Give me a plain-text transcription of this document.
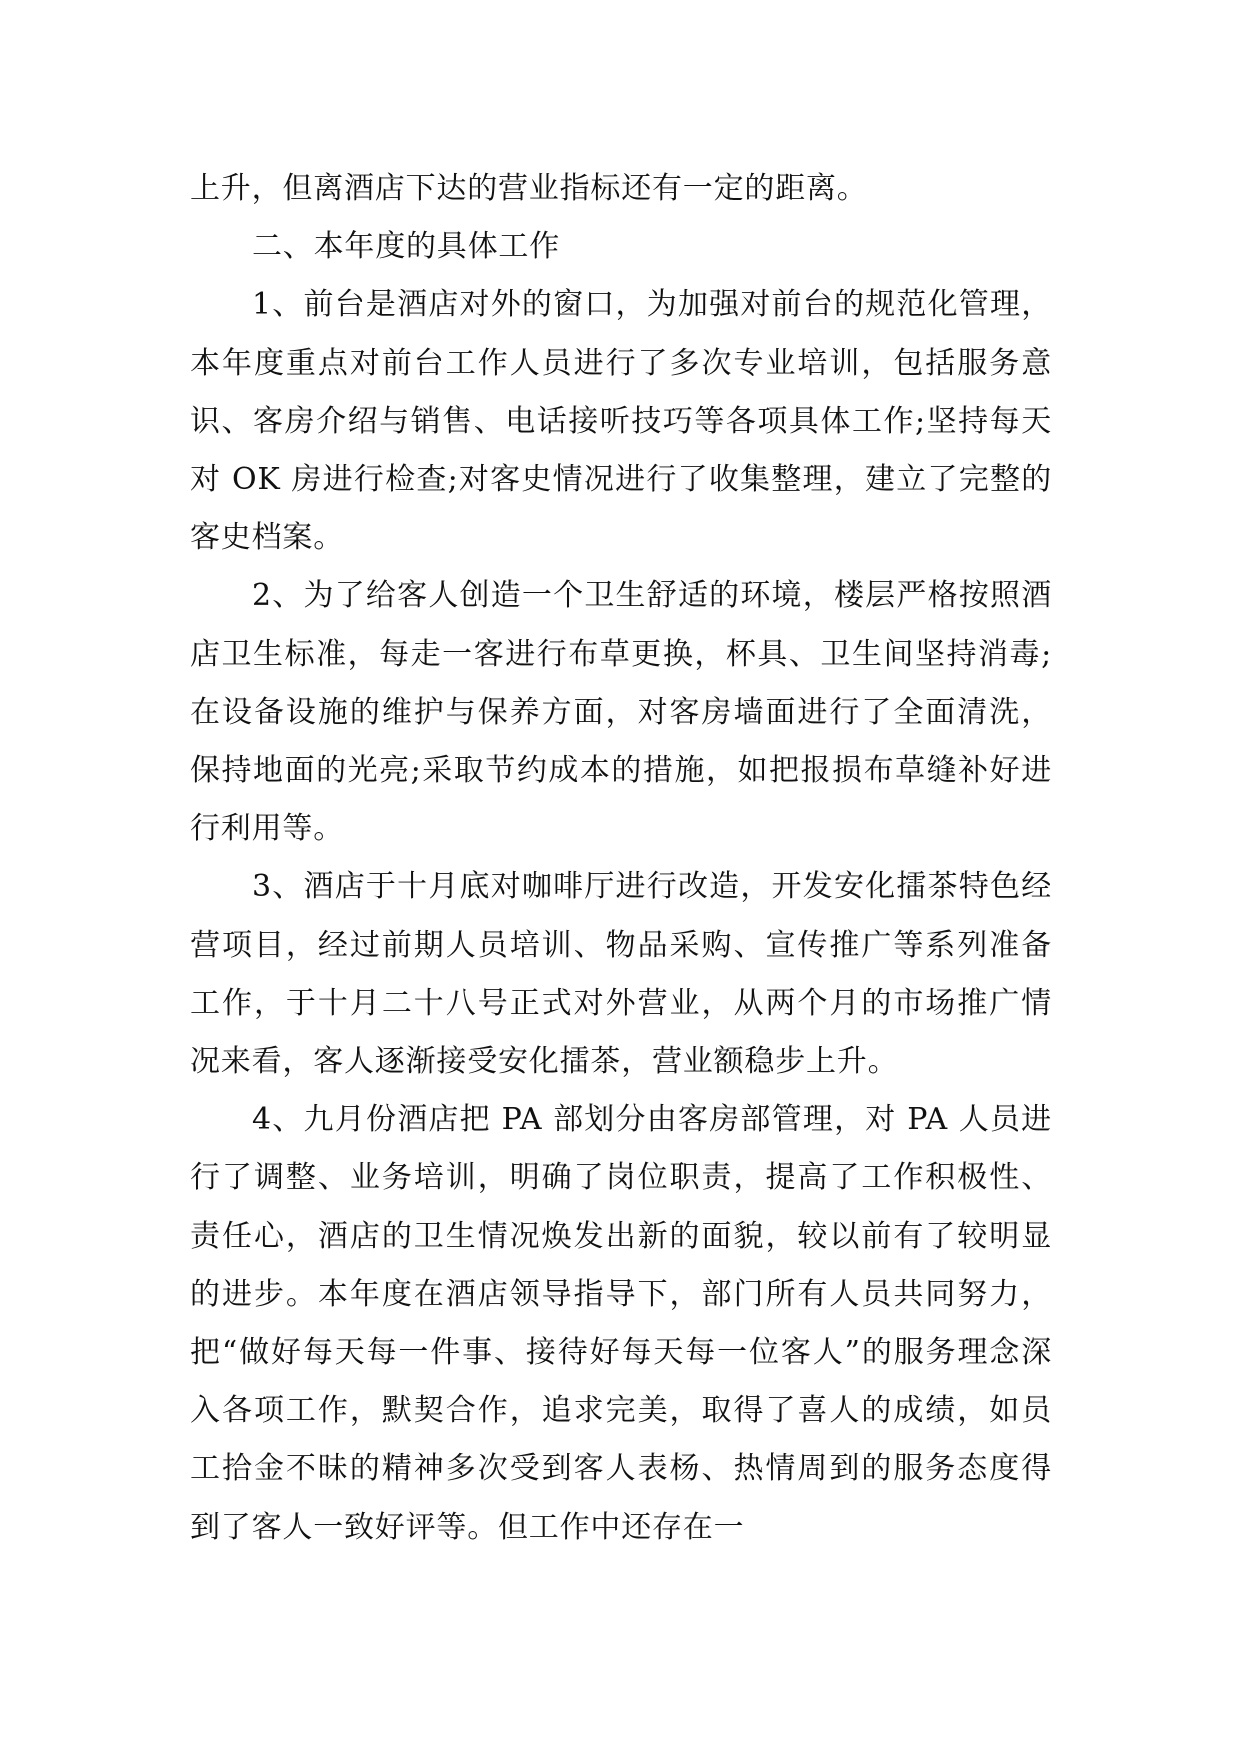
上升，但离酒店下达的营业指标还有一定的距离。

二、本年度的具体工作

1、前台是酒店对外的窗口，为加强对前台的规范化管理，本年度重点对前台工作人员进行了多次专业培训，包括服务意识、客房介绍与销售、电话接听技巧等各项具体工作;坚持每天对 OK 房进行检查;对客史情况进行了收集整理，建立了完整的客史档案。

2、为了给客人创造一个卫生舒适的环境，楼层严格按照酒店卫生标准，每走一客进行布草更换，杯具、卫生间坚持消毒;在设备设施的维护与保养方面，对客房墙面进行了全面清洗，保持地面的光亮;采取节约成本的措施，如把报损布草缝补好进行利用等。

3、酒店于十月底对咖啡厅进行改造，开发安化擂茶特色经营项目，经过前期人员培训、物品采购、宣传推广等系列准备工作，于十月二十八号正式对外营业，从两个月的市场推广情况来看，客人逐渐接受安化擂茶，营业额稳步上升。

4、九月份酒店把 PA 部划分由客房部管理，对 PA 人员进行了调整、业务培训，明确了岗位职责，提高了工作积极性、责任心，酒店的卫生情况焕发出新的面貌，较以前有了较明显的进步。本年度在酒店领导指导下，部门所有人员共同努力，把“做好每天每一件事、接待好每天每一位客人”的服务理念深入各项工作，默契合作，追求完美，取得了喜人的成绩，如员工拾金不昧的精神多次受到客人表杨、热情周到的服务态度得到了客人一致好评等。但工作中还存在一
